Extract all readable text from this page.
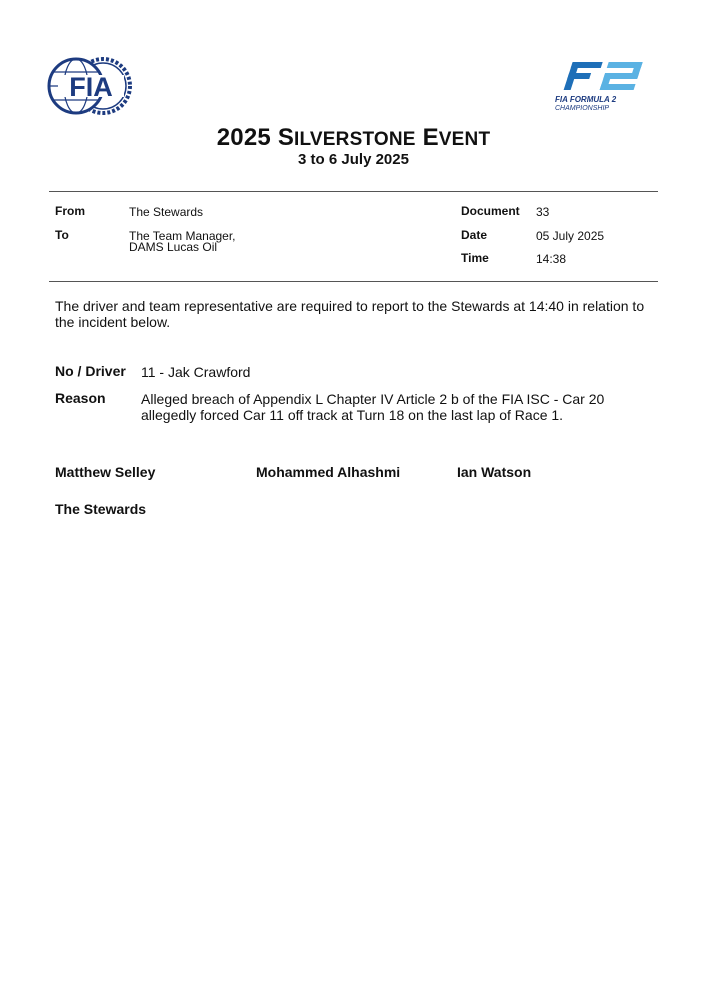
FIA	FIA FORMULA 2
CHAMPIONSHIP
2025 SILVERSTONE EVENT
3 to 6 July 2025
From	The Stewards
To	The Team Manager,
DAMS Lucas Oil
Document 33
Date	05 July 2025
Time	14:38
The driver and team representative are required to report to the Stewards at 14:40 in relation to the incident below.
No / Driver 11 - Jak Crawford
Reason	Alleged breach of Appendix L Chapter IV Article 2 b of the FIA ISC - Car 20 allegedly forced Car 11 off track at Turn 18 on the last lap of Race 1.
Matthew Selley	Mohammed Alhashmi	Ian Watson
The Stewards
